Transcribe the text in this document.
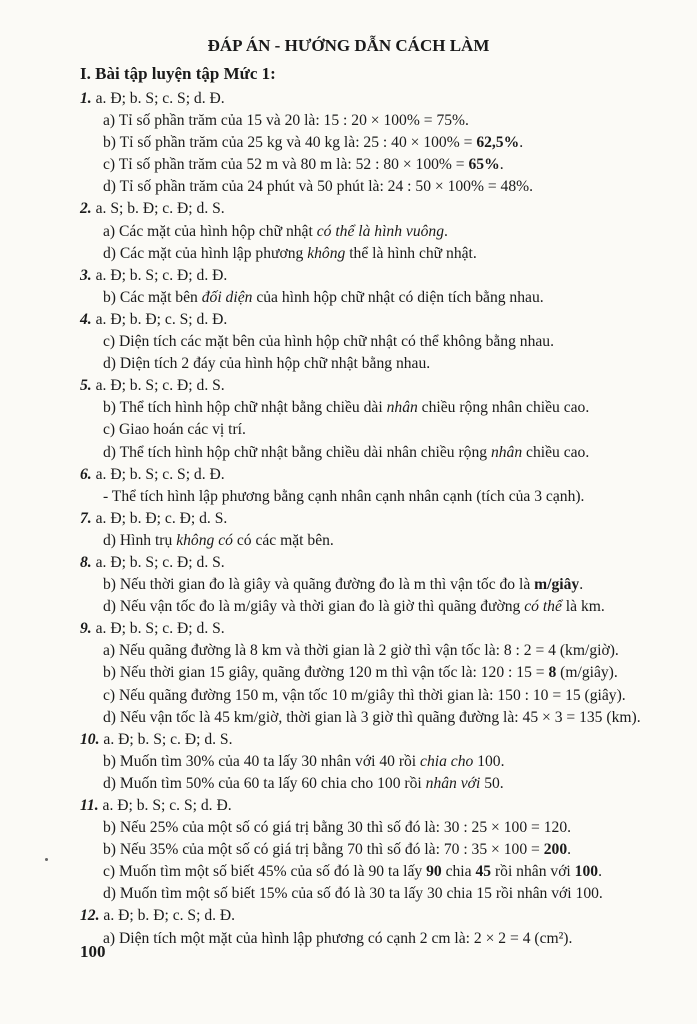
ĐÁP ÁN - HƯỚNG DẪN CÁCH LÀM
I. Bài tập luyện tập Mức 1:
1. a. Đ; b. S; c. S; d. Đ.
a) Tỉ số phần trăm của 15 và 20 là: 15 : 20 × 100% = 75%.
b) Tỉ số phần trăm của 25 kg và 40 kg là: 25 : 40 × 100% = 62,5%.
c) Tỉ số phần trăm của 52 m và 80 m là: 52 : 80 × 100% = 65%.
d) Tỉ số phần trăm của 24 phút và 50 phút là: 24 : 50 × 100% = 48%.
2. a. S; b. Đ; c. Đ; d. S.
a) Các mặt của hình hộp chữ nhật có thể là hình vuông.
d) Các mặt của hình lập phương không thể là hình chữ nhật.
3. a. Đ; b. S; c. Đ; d. Đ.
b) Các mặt bên đối diện của hình hộp chữ nhật có diện tích bằng nhau.
4. a. Đ; b. Đ; c. S; d. Đ.
c) Diện tích các mặt bên của hình hộp chữ nhật có thể không bằng nhau.
d) Diện tích 2 đáy của hình hộp chữ nhật bằng nhau.
5. a. Đ; b. S; c. Đ; d. S.
b) Thể tích hình hộp chữ nhật bằng chiều dài nhân chiều rộng nhân chiều cao.
c) Giao hoán các vị trí.
d) Thể tích hình hộp chữ nhật bằng chiều dài nhân chiều rộng nhân chiều cao.
6. a. Đ; b. S; c. S; d. Đ.
- Thể tích hình lập phương bằng cạnh nhân cạnh nhân cạnh (tích của 3 cạnh).
7. a. Đ; b. Đ; c. Đ; d. S.
d) Hình trụ không có có các mặt bên.
8. a. Đ; b. S; c. Đ; d. S.
b) Nếu thời gian đo là giây và quãng đường đo là m thì vận tốc đo là m/giây.
d) Nếu vận tốc đo là m/giây và thời gian đo là giờ thì quãng đường có thể là km.
9. a. Đ; b. S; c. Đ; d. S.
a) Nếu quãng đường là 8 km và thời gian là 2 giờ thì vận tốc là: 8 : 2 = 4 (km/giờ).
b) Nếu thời gian 15 giây, quãng đường 120 m thì vận tốc là: 120 : 15 = 8 (m/giây).
c) Nếu quãng đường 150 m, vận tốc 10 m/giây thì thời gian là: 150 : 10 = 15 (giây).
d) Nếu vận tốc là 45 km/giờ, thời gian là 3 giờ thì quãng đường là: 45 × 3 = 135 (km).
10. a. Đ; b. S; c. Đ; d. S.
b) Muốn tìm 30% của 40 ta lấy 30 nhân với 40 rồi chia cho 100.
d) Muốn tìm 50% của 60 ta lấy 60 chia cho 100 rồi nhân với 50.
11. a. Đ; b. S; c. S; d. Đ.
b) Nếu 25% của một số có giá trị bằng 30 thì số đó là: 30 : 25 × 100 = 120.
b) Nếu 35% của một số có giá trị bằng 70 thì số đó là: 70 : 35 × 100 = 200.
c) Muốn tìm một số biết 45% của số đó là 90 ta lấy 90 chia 45 rồi nhân với 100.
d) Muốn tìm một số biết 15% của số đó là 30 ta lấy 30 chia 15 rồi nhân với 100.
12. a. Đ; b. Đ; c. S; d. Đ.
a) Diện tích một mặt của hình lập phương có cạnh 2 cm là: 2 × 2 = 4 (cm²).
100
